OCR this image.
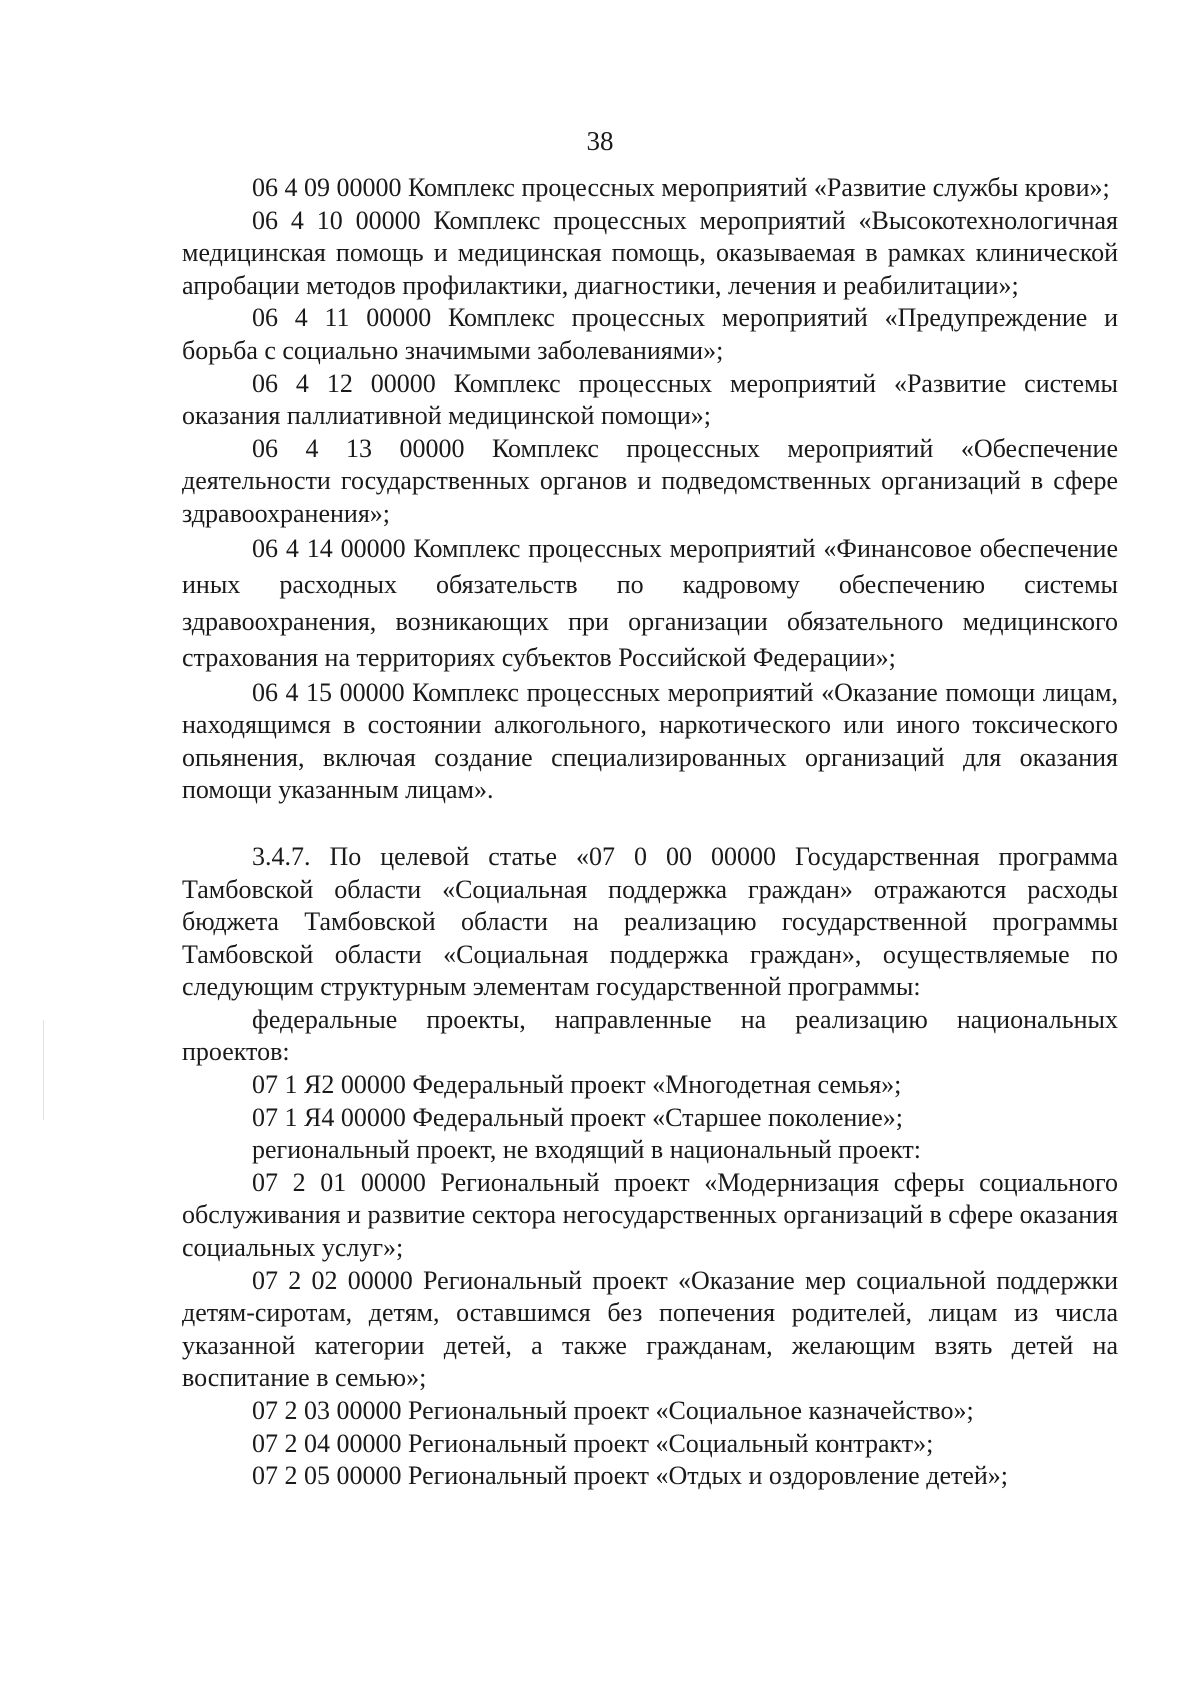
38

06 4 09 00000 Комплекс процессных мероприятий «Развитие службы крови»;

06 4 10 00000 Комплекс процессных мероприятий «Высокотехнологичная медицинская помощь и медицинская помощь, оказываемая в рамках клинической апробации методов профилактики, диагностики, лечения и реабилитации»;

06 4 11 00000 Комплекс процессных мероприятий «Предупреждение и борьба с социально значимыми заболеваниями»;

06 4 12 00000 Комплекс процессных мероприятий «Развитие системы оказания паллиативной медицинской помощи»;

06 4 13 00000 Комплекс процессных мероприятий «Обеспечение деятельности государственных органов и подведомственных организаций в сфере здравоохранения»;

06 4 14 00000 Комплекс процессных мероприятий «Финансовое обеспечение иных расходных обязательств по кадровому обеспечению системы здравоохранения, возникающих при организации обязательного медицинского страхования на территориях субъектов Российской Федерации»;

06 4 15 00000 Комплекс процессных мероприятий «Оказание помощи лицам, находящимся в состоянии алкогольного, наркотического или иного токсического опьянения, включая создание специализированных организаций для оказания помощи указанным лицам».

3.4.7. По целевой статье «07 0 00 00000 Государственная программа Тамбовской области «Социальная поддержка граждан» отражаются расходы бюджета Тамбовской области на реализацию государственной программы Тамбовской области «Социальная поддержка граждан», осуществляемые по следующим структурным элементам государственной программы:

федеральные проекты, направленные на реализацию национальных проектов:

07 1 Я2 00000 Федеральный проект «Многодетная семья»;

07 1 Я4 00000 Федеральный проект «Старшее поколение»;

региональный проект, не входящий в национальный проект:

07 2 01 00000 Региональный проект «Модернизация сферы социального обслуживания и развитие сектора негосударственных организаций в сфере оказания социальных услуг»;

07 2 02 00000 Региональный проект «Оказание мер социальной поддержки детям-сиротам, детям, оставшимся без попечения родителей, лицам из числа указанной категории детей, а также гражданам, желающим взять детей на воспитание в семью»;

07 2 03 00000 Региональный проект «Социальное казначейство»;

07 2 04 00000 Региональный проект «Социальный контракт»;

07 2 05 00000 Региональный проект «Отдых и оздоровление детей»;
